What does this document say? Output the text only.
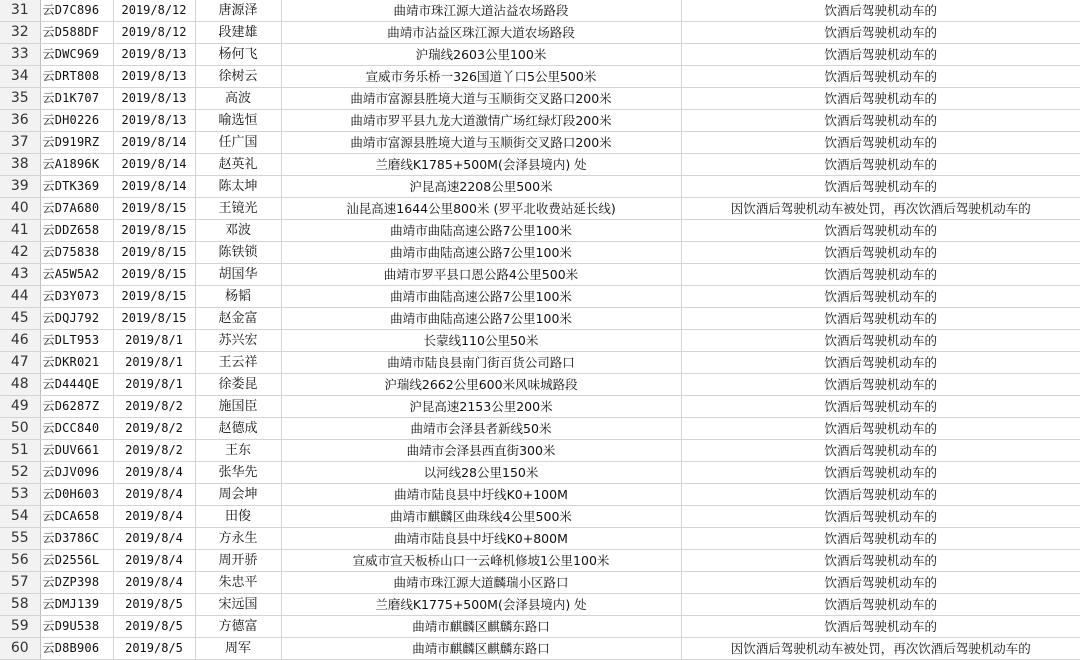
31	云D7C896	2019/8/12	唐源泽	曲靖市珠江源大道沾益农场路段	饮酒后驾驶机动车的
32	云D588DF	2019/8/12	段建雄	曲靖市沾益区珠江源大道农场路段	饮酒后驾驶机动车的
33	云DWC969	2019/8/13	杨何飞	沪瑞线2603公里100米	饮酒后驾驶机动车的
34	云DRT808	2019/8/13	徐树云	宣威市务乐桥一326国道丫口5公里500米	饮酒后驾驶机动车的
35	云D1K707	2019/8/13	高波	曲靖市富源县胜境大道与玉顺街交叉路口200米	饮酒后驾驶机动车的
36	云DH0226	2019/8/13	喻选恒	曲靖市罗平县九龙大道激情广场红绿灯段200米	饮酒后驾驶机动车的
37	云D919RZ	2019/8/14	任广国	曲靖市富源县胜境大道与玉顺街交叉路口200米	饮酒后驾驶机动车的
38	云A1896K	2019/8/14	赵英礼	兰磨线K1785+500M(会泽县境内) 处	饮酒后驾驶机动车的
39	云DTK369	2019/8/14	陈太坤	沪昆高速2208公里500米	饮酒后驾驶机动车的
40	云D7A680	2019/8/15	王镜光	汕昆高速1644公里800米 (罗平北收费站延长线)	因饮酒后驾驶机动车被处罚，再次饮酒后驾驶机动车的
41	云DDZ658	2019/8/15	邓波	曲靖市曲陆高速公路7公里100米	饮酒后驾驶机动车的
42	云D75838	2019/8/15	陈铁锁	曲靖市曲陆高速公路7公里100米	饮酒后驾驶机动车的
43	云A5W5A2	2019/8/15	胡国华	曲靖市罗平县口恩公路4公里500米	饮酒后驾驶机动车的
44	云D3Y073	2019/8/15	杨韬	曲靖市曲陆高速公路7公里100米	饮酒后驾驶机动车的
45	云DQJ792	2019/8/15	赵金富	曲靖市曲陆高速公路7公里100米	饮酒后驾驶机动车的
46	云DLT953	2019/8/1	苏兴宏	长蒙线110公里50米	饮酒后驾驶机动车的
47	云DKR021	2019/8/1	王云祥	曲靖市陆良县南门街百货公司路口	饮酒后驾驶机动车的
48	云D444QE	2019/8/1	徐娄昆	沪瑞线2662公里600米风味城路段	饮酒后驾驶机动车的
49	云D6287Z	2019/8/2	施国臣	沪昆高速2153公里200米	饮酒后驾驶机动车的
50	云DCC840	2019/8/2	赵德成	曲靖市会泽县者新线50米	饮酒后驾驶机动车的
51	云DUV661	2019/8/2	王东	曲靖市会泽县西直街300米	饮酒后驾驶机动车的
52	云DJV096	2019/8/4	张华先	以河线28公里150米	饮酒后驾驶机动车的
53	云D0H603	2019/8/4	周会坤	曲靖市陆良县中圩线K0+100M	饮酒后驾驶机动车的
54	云DCA658	2019/8/4	田俊	曲靖市麒麟区曲珠线4公里500米	饮酒后驾驶机动车的
55	云D3786C	2019/8/4	方永生	曲靖市陆良县中圩线K0+800M	饮酒后驾驶机动车的
56	云D2556L	2019/8/4	周开骄	宣威市宣天板桥山口一云峰机修坡1公里100米	饮酒后驾驶机动车的
57	云DZP398	2019/8/4	朱忠平	曲靖市珠江源大道麟瑞小区路口	饮酒后驾驶机动车的
58	云DMJ139	2019/8/5	宋远国	兰磨线K1775+500M(会泽县境内) 处	饮酒后驾驶机动车的
59	云D9U538	2019/8/5	方德富	曲靖市麒麟区麒麟东路口	饮酒后驾驶机动车的
60	云D8B906	2019/8/5	周军	曲靖市麒麟区麒麟东路口	因饮酒后驾驶机动车被处罚，再次饮酒后驾驶机动车的
